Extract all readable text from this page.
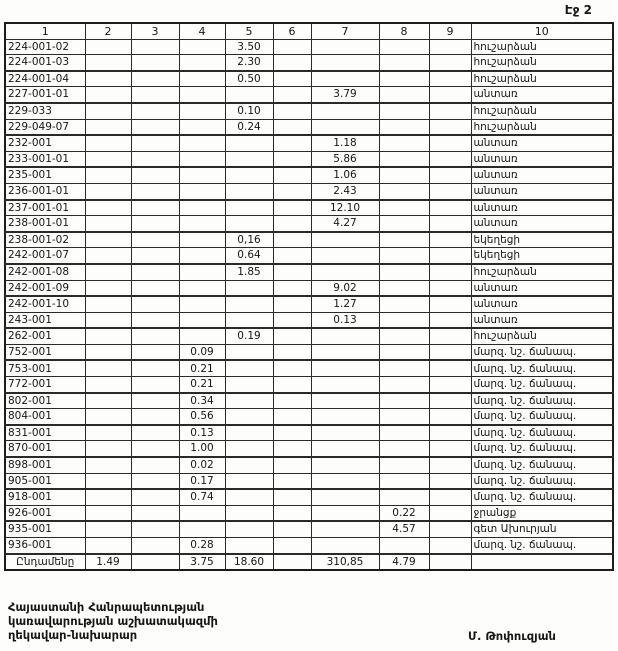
Էջ 2
1	2	3	4	5	6	7	8	9	10
224-001-02				3.50					հուշարձան
224-001-03				2.30					հուշարձան
224-001-04				0.50					հուշարձան
227-001-01						3.79			անտառ
229-033				0.10					հուշարձան
229-049-07				0.24					հուշարձան
232-001						1.18			անտառ
233-001-01						5.86			անտառ
235-001						1.06			անտառ
236-001-01						2.43			անտառ
237-001-01						12.10			անտառ
238-001-01						4.27			անտառ
238-001-02				0,16					եկեղեցի
242-001-07				0.64					եկեղեցի
242-001-08				1.85					հուշարձան
242-001-09						9.02			անտառ
242-001-10						1.27			անտառ
243-001						0.13			անտառ
262-001				0.19					հուշարձան
752-001			0.09						մարզ. նշ. ճանապ.
753-001			0.21						մարզ. նշ. ճանապ.
772-001			0.21						մարզ. նշ. ճանապ.
802-001			0.34						մարզ. նշ. ճանապ.
804-001			0.56						մարզ. նշ. ճանապ.
831-001			0.13						մարզ. նշ. ճանապ.
870-001			1.00						մարզ. նշ. ճանապ.
898-001			0.02						մարզ. նշ. ճանապ.
905-001			0.17						մարզ. նշ. ճանապ.
918-001			0.74						մարզ. նշ. ճանապ.
926-001							0.22		ջրանցք
935-001							4.57		գետ Ախուրյան
936-001			0.28						մարզ. նշ. ճանապ.
Ընդամենը	1.49		3.75	18.60		310,85	4.79		
Հայաստանի Հանրապետության
կառավարության աշխատակազմի
ղեկավար-նախարար	Մ. Թոփուզյան
